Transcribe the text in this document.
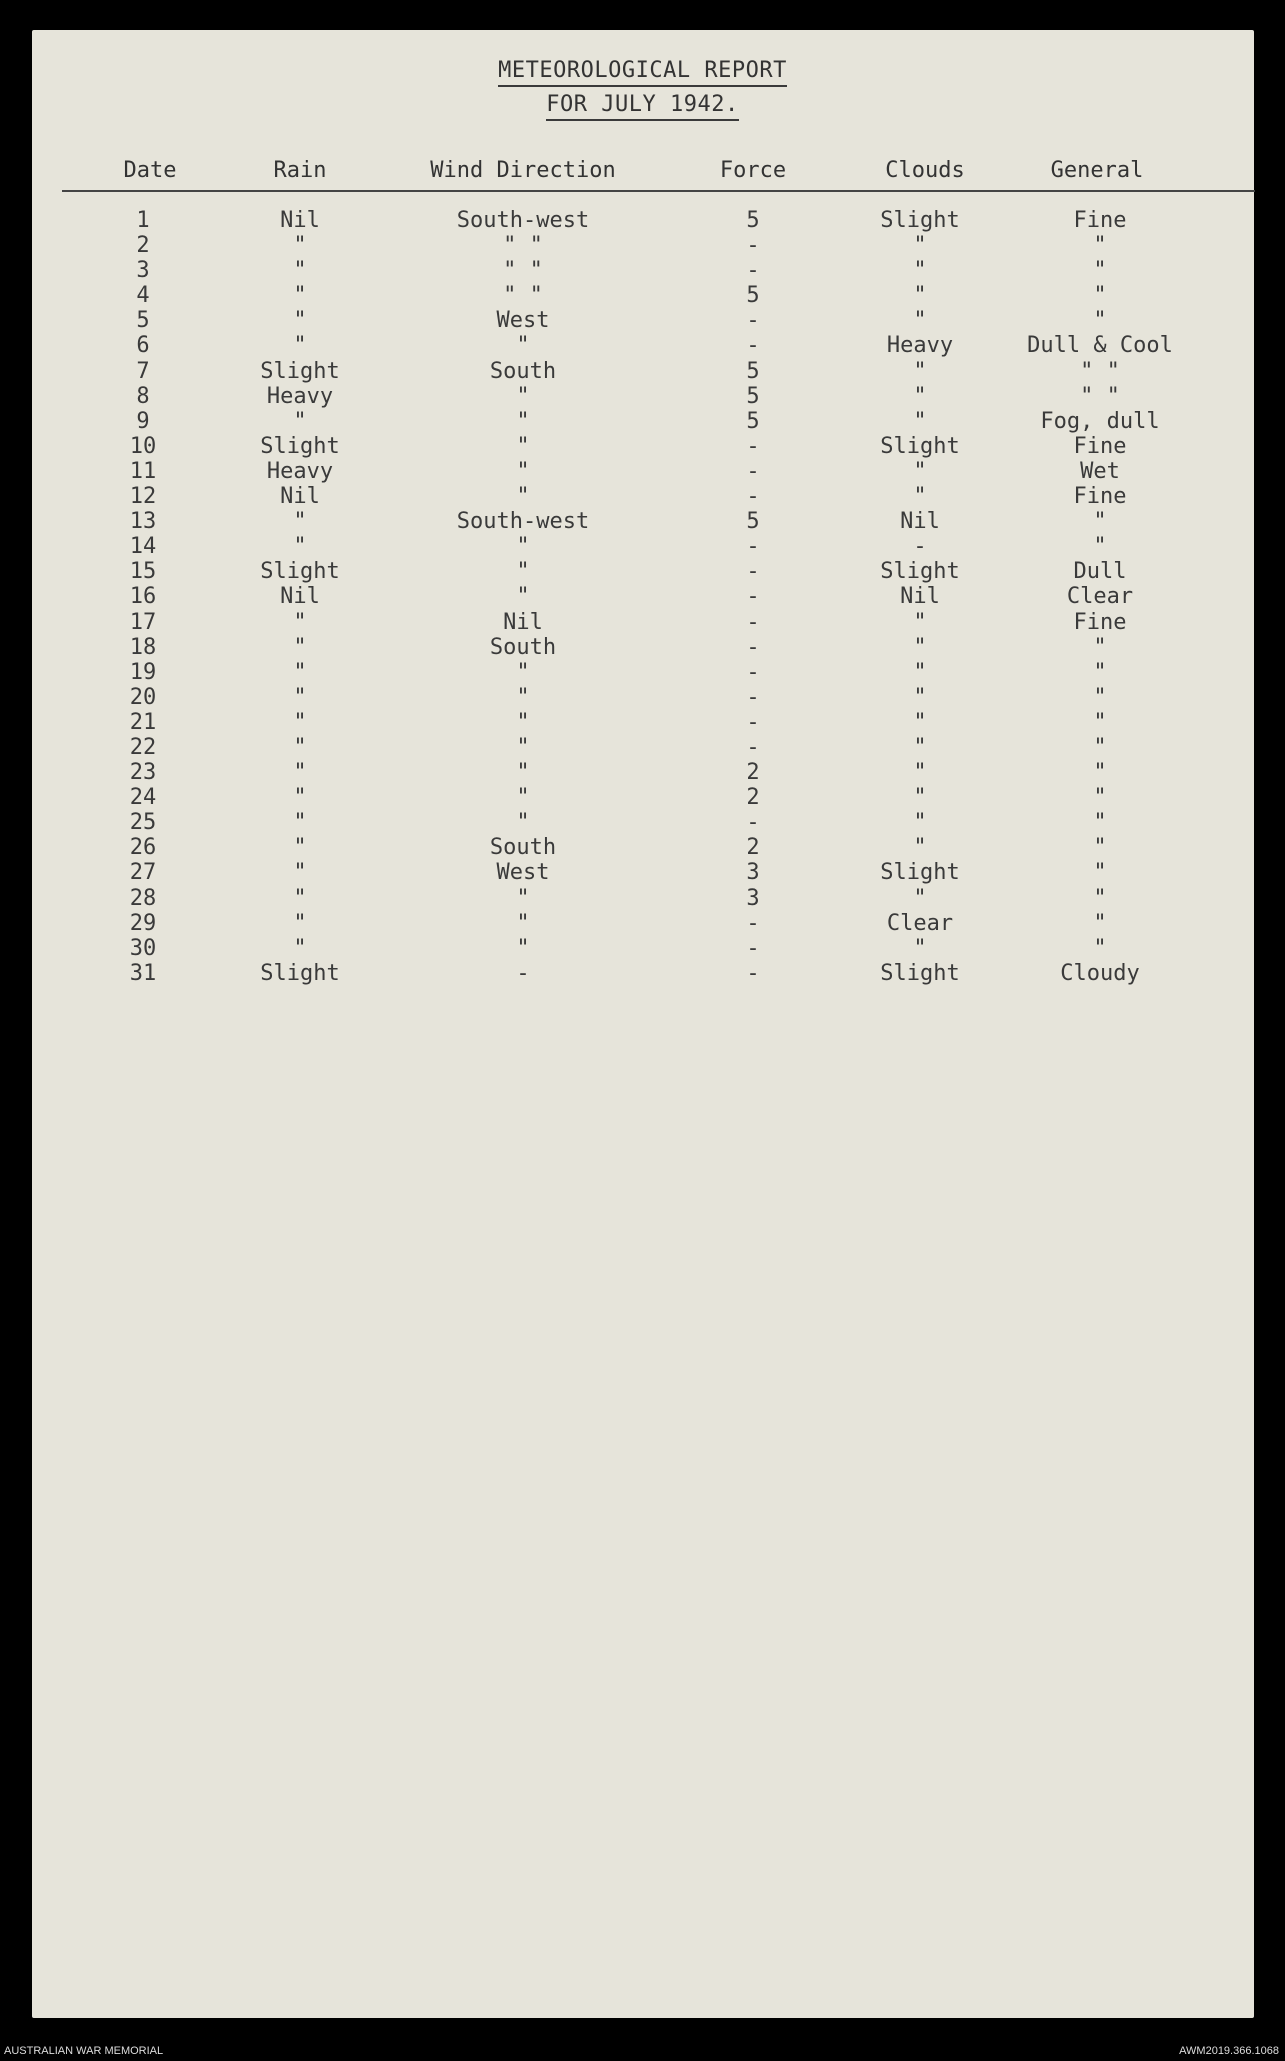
METEOROLOGICAL REPORT
FOR JULY 1942.
Date	Rain	Wind Direction	Force	Clouds	General
1	Nil	South-west	5	Slight	Fine
2	"	" "	-	"	"
3	"	" "	-	"	"
4	"	" "	5	"	"
5	"	West	-	"	"
6	"	"	-	Heavy	Dull & Cool
7	Slight	South	5	"	" "
8	Heavy	"	5	"	" "
9	"	"	5	"	Fog, dull
10	Slight	"	-	Slight	Fine
11	Heavy	"	-	"	Wet
12	Nil	"	-	"	Fine
13	"	South-west	5	Nil	"
14	"	"	-	-	"
15	Slight	"	-	Slight	Dull
16	Nil	"	-	Nil	Clear
17	"	Nil	-	"	Fine
18	"	South	-	"	"
19	"	"	-	"	"
20	"	"	-	"	"
21	"	"	-	"	"
22	"	"	-	"	"
23	"	"	2	"	"
24	"	"	2	"	"
25	"	"	-	"	"
26	"	South	2	"	"
27	"	West	3	Slight	"
28	"	"	3	"	"
29	"	"	-	Clear	"
30	"	"	-	"	"
31	Slight	-	-	Slight	Cloudy
AUSTRALIAN WAR MEMORIAL	AWM2019.366.1068
